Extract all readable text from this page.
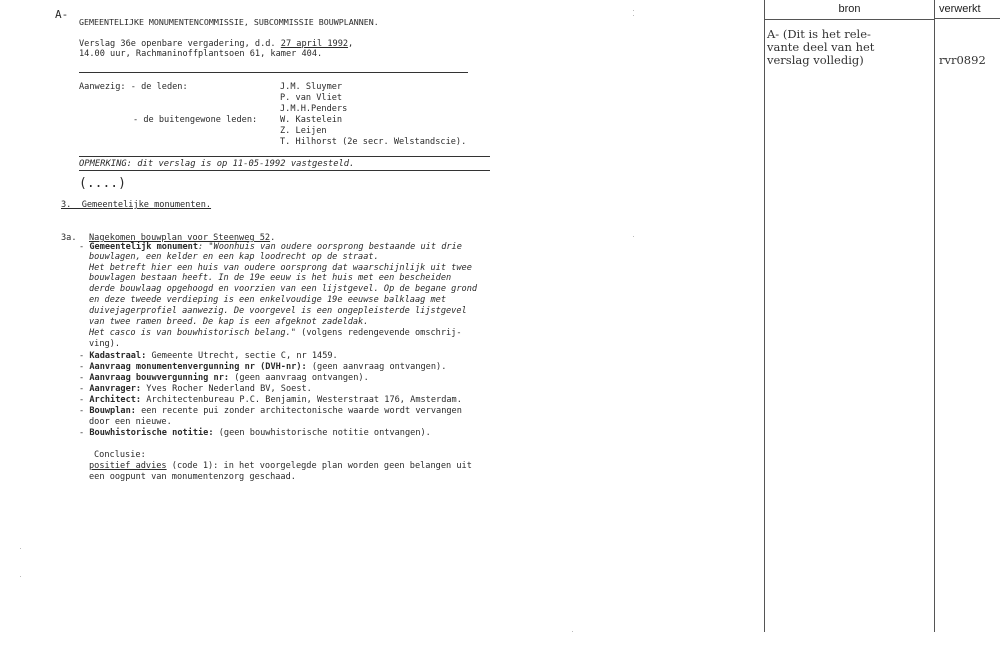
A-
GEMEENTELIJKE MONUMENTENCOMMISSIE, SUBCOMMISSIE BOUWPLANNEN.
Verslag 36e openbare vergadering, d.d. 27 april 1992,
14.00 uur, Rachmaninoffplantsoen 61, kamer 404.
Aanwezig: - de leden:	J.M. Sluymer
P. van Vliet
J.M.H.Penders
- de buitengewone leden:	W. Kastelein
Z. Leijen
T. Hilhorst (2e secr. Welstandscie).
OPMERKING: dit verslag is op 11-05-1992 vastgesteld.
(....)
3.  Gemeentelijke monumenten.
3a. Nagekomen bouwplan voor Steenweg 52.
- Gemeentelijk monument: "Woonhuis van oudere oorsprong bestaande uit drie
bouwlagen, een kelder en een kap loodrecht op de straat.
Het betreft hier een huis van oudere oorsprong dat waarschijnlijk uit twee
bouwlagen bestaan heeft. In de 19e eeuw is het huis met een bescheiden
derde bouwlaag opgehoogd en voorzien van een lijstgevel. Op de begane grond
en deze tweede verdieping is een enkelvoudige 19e eeuwse balklaag met
duivejagerprofiel aanwezig. De voorgevel is een ongepleisterde lijstgevel
van twee ramen breed. De kap is een afgeknot zadeldak.
Het casco is van bouwhistorisch belang." (volgens redengevende omschrij-
ving).
- Kadastraal: Gemeente Utrecht, sectie C, nr 1459.
- Aanvraag monumentenvergunning nr (DVH-nr): (geen aanvraag ontvangen).
- Aanvraag bouwvergunning nr: (geen aanvraag ontvangen).
- Aanvrager: Yves Rocher Nederland BV, Soest.
- Architect: Architectenbureau P.C. Benjamin, Westerstraat 176, Amsterdam.
- Bouwplan: een recente pui zonder architectonische waarde wordt vervangen
door een nieuwe.
- Bouwhistorische notitie: (geen bouwhistorische notitie ontvangen).
Conclusie:
positief advies (code 1): in het voorgelegde plan worden geen belangen uit
een oogpunt van monumentenzorg geschaad.
bron	verwerkt
A- (Dit is het rele-
vante deel van het
verslag volledig)	rvr0892
